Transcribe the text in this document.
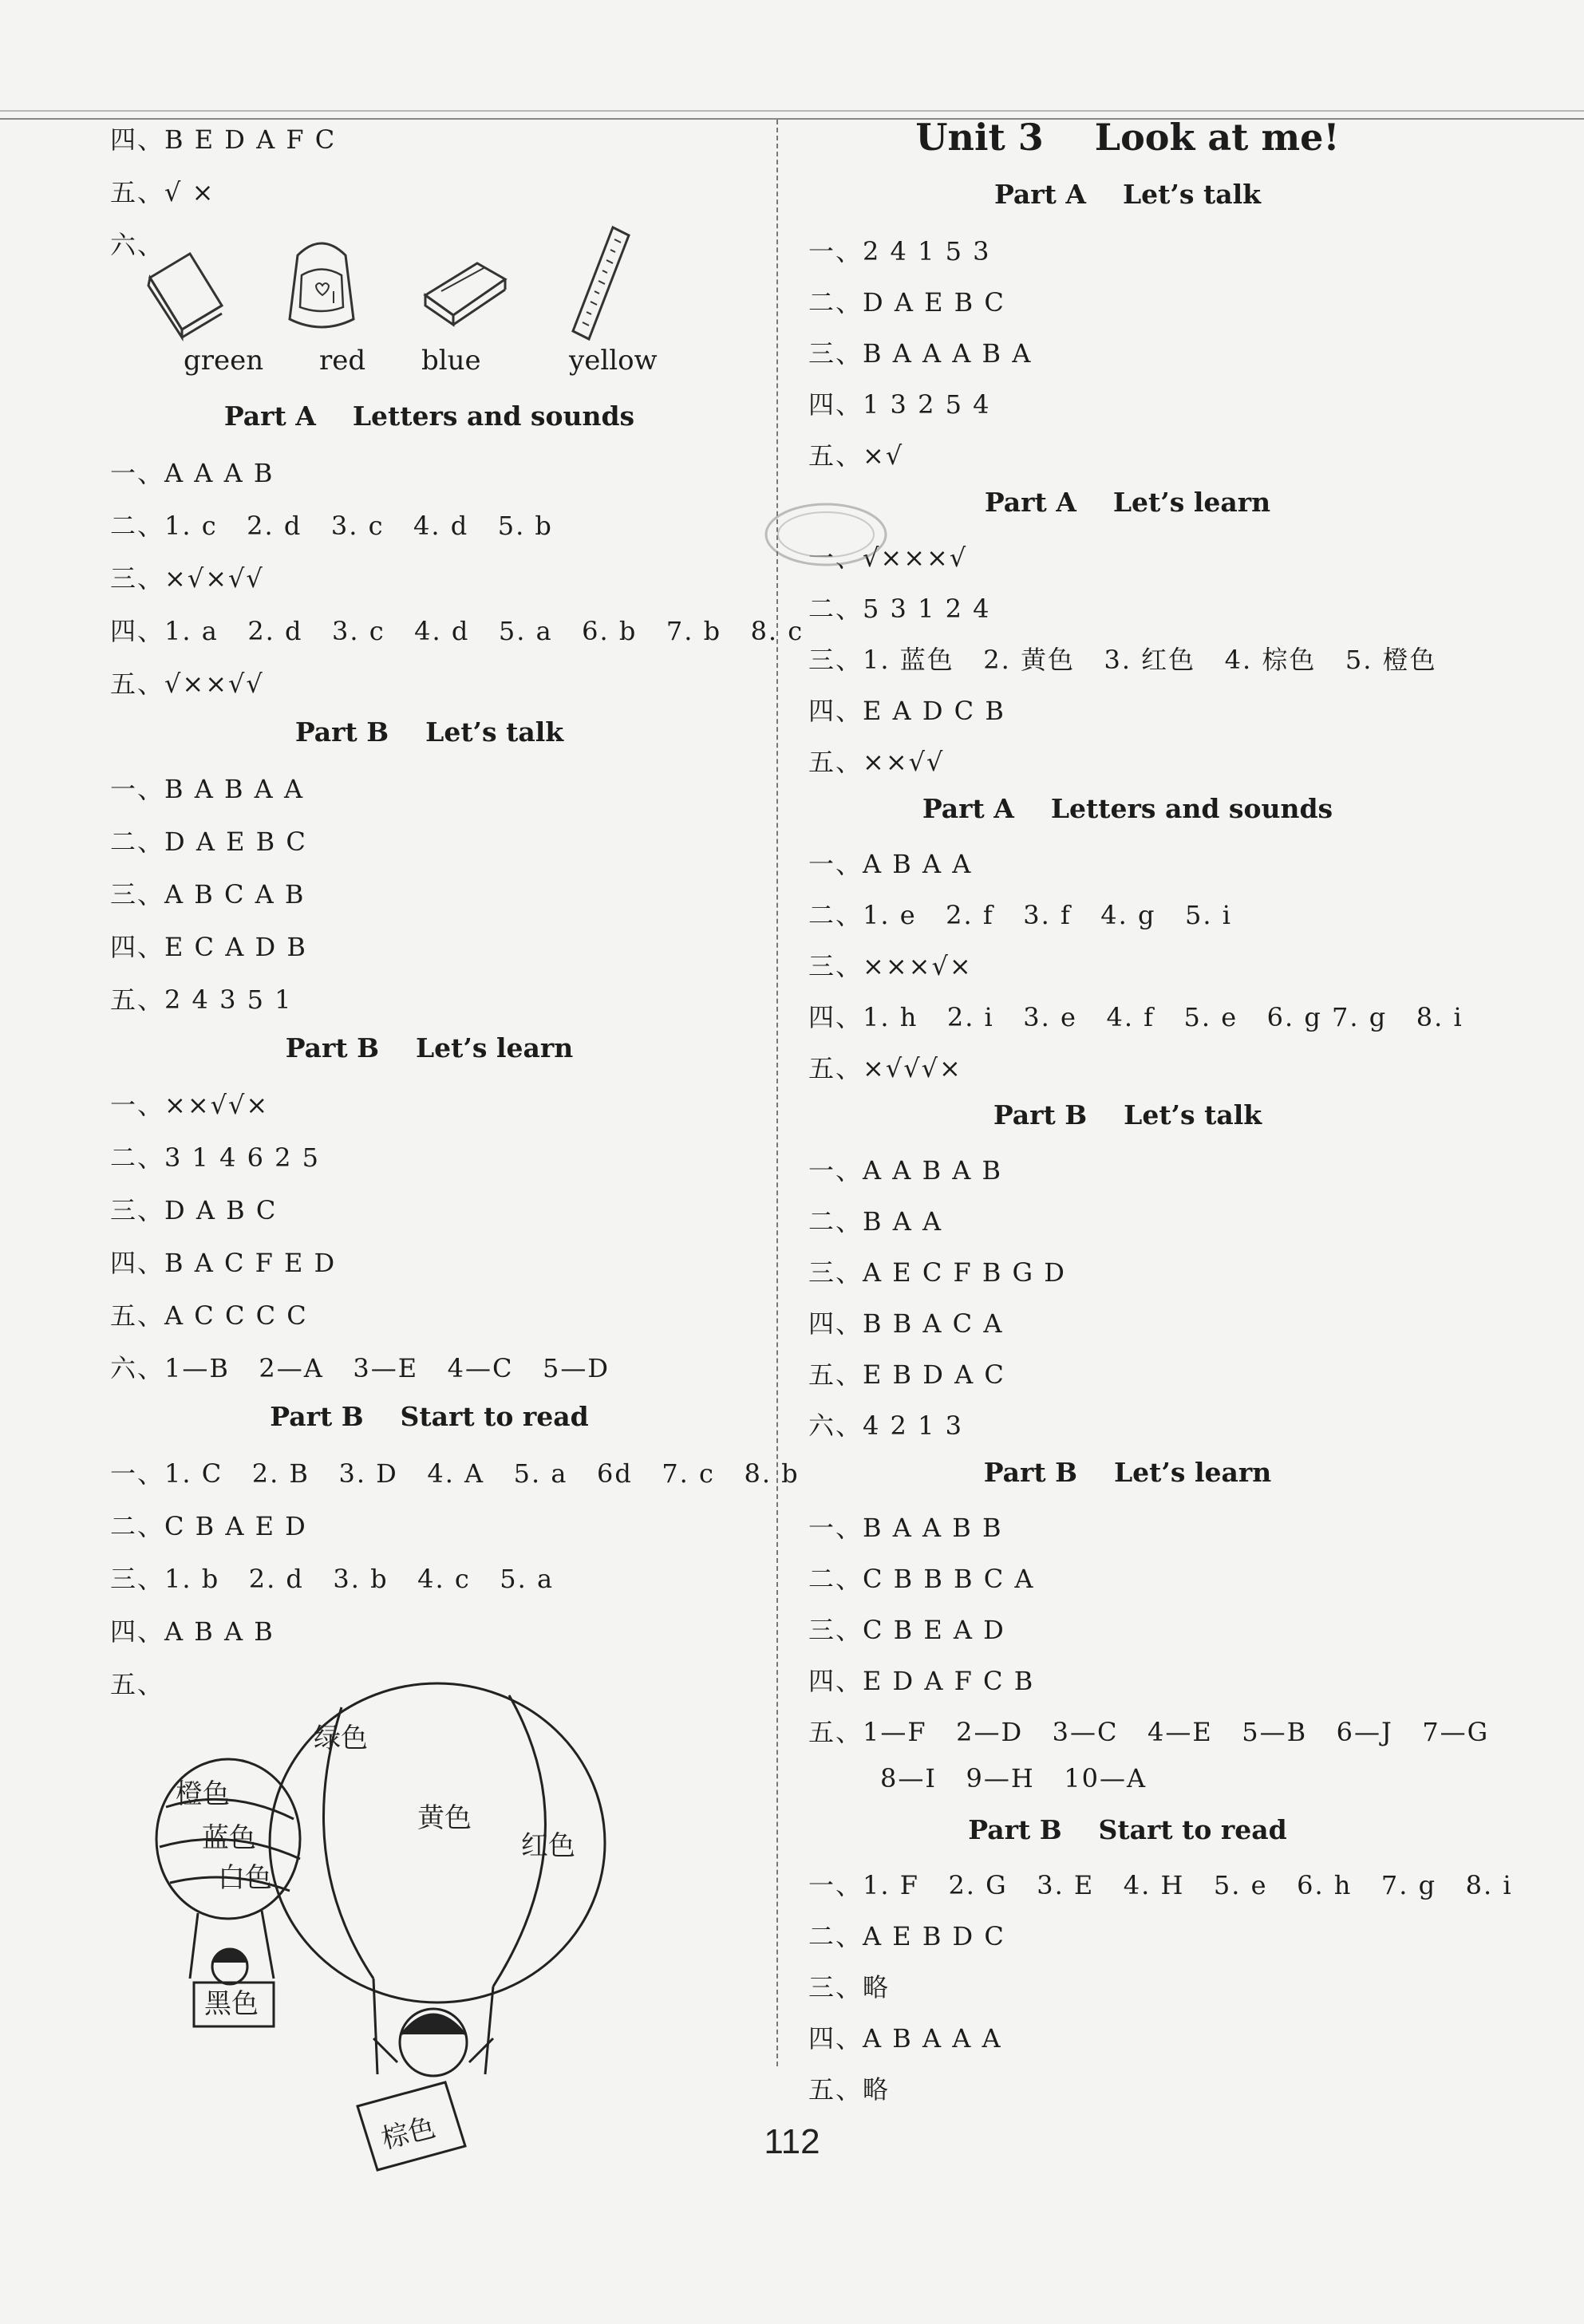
四、B E D A F C
五、√ ×
六、
green red blue	yellow
Part A    Letters and sounds
一、A A A B
二、1. c   2. d   3. c   4. d   5. b
三、×√×√√
四、1. a   2. d   3. c   4. d   5. a   6. b   7. b   8. c
五、√××√√
Part B    Let’s talk
一、B A B A A
二、D A E B C
三、A B C A B
四、E C A D B
五、2 4 3 5 1
Part B    Let’s learn
一、××√√×
二、3 1 4 6 2 5
三、D A B C
四、B A C F E D
五、A C C C C
六、1—B   2—A   3—E   4—C   5—D
Part B    Start to read
一、1. C   2. B   3. D   4. A   5. a   6d   7. c   8. b
二、C B A E D
三、1. b   2. d   3. b   4. c   5. a
四、A B A B
五、
橙色
蓝色
白色
黑色
绿色
黄色
红色
棕色
Unit 3    Look at me!
Part A    Let’s talk
一、2 4 1 5 3
二、D A E B C
三、B A A A B A
四、1 3 2 5 4
五、×√
Part A    Let’s learn
一、√×××√
二、5 3 1 2 4
三、1. 蓝色   2. 黄色   3. 红色   4. 棕色   5. 橙色
四、E A D C B
五、××√√
Part A    Letters and sounds
一、A B A A
二、1. e   2. f   3. f   4. g   5. i
三、×××√×
四、1. h   2. i   3. e   4. f   5. e   6. g 7. g   8. i
五、×√√√×
Part B    Let’s talk
一、A A B A B
二、B A A
三、A E C F B G D
四、B B A C A
五、E B D A C
六、4 2 1 3
Part B    Let’s learn
一、B A A B B
二、C B B B C A
三、C B E A D
四、E D A F C B
五、1—F   2—D   3—C   4—E   5—B   6—J   7—G
8—I   9—H   10—A
Part B    Start to read
一、1. F   2. G   3. E   4. H   5. e   6. h   7. g   8. i
二、A E B D C
三、略
四、A B A A A
五、略
112
